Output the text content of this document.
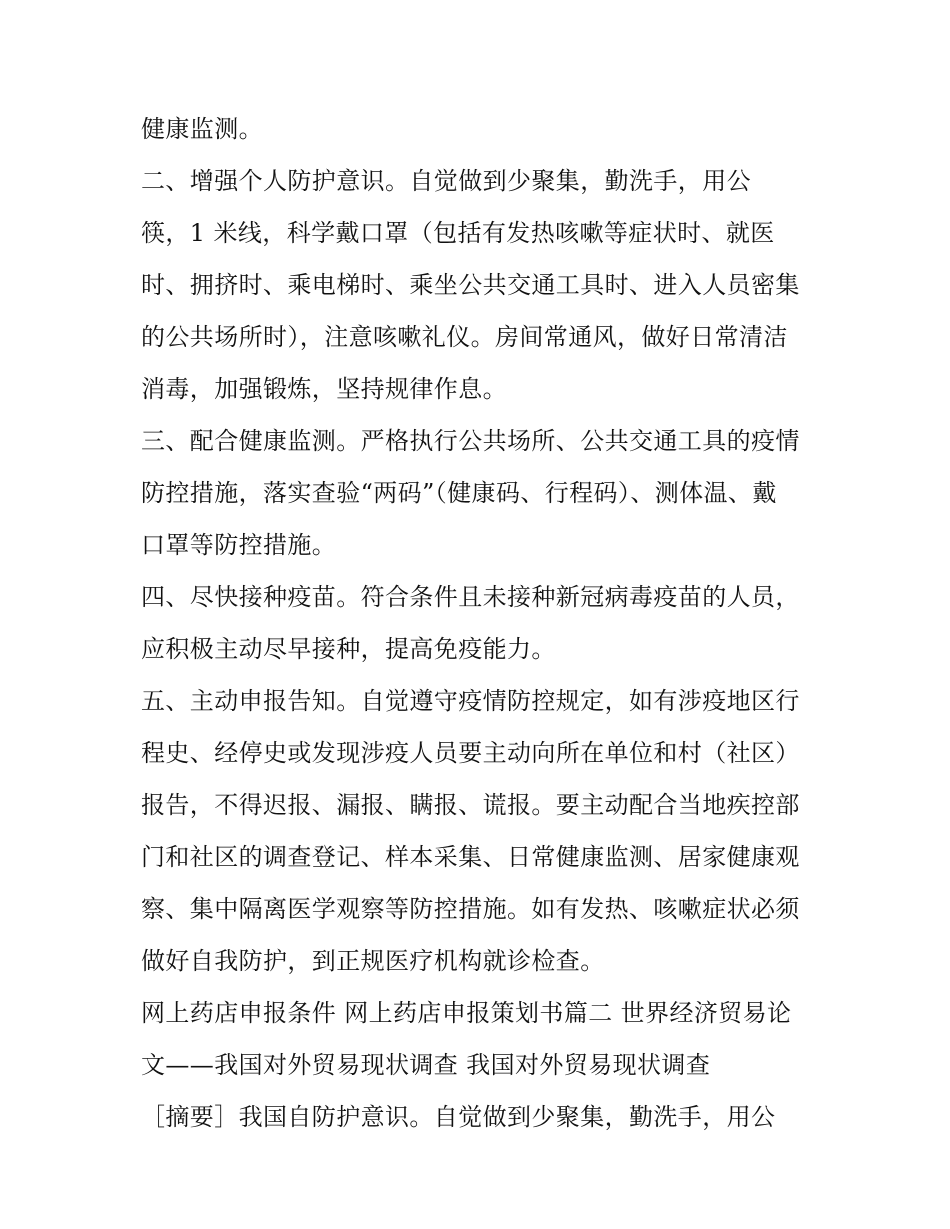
健康监测。
二、增强个人防护意识。自觉做到少聚集，勤洗手，用公
筷，1 米线，科学戴口罩（包括有发热咳嗽等症状时、就医
时、拥挤时、乘电梯时、乘坐公共交通工具时、进入人员密集
的公共场所时），注意咳嗽礼仪。房间常通风，做好日常清洁
消毒，加强锻炼，坚持规律作息。
三、配合健康监测。严格执行公共场所、公共交通工具的疫情
防控措施，落实查验“两码”（健康码、行程码）、测体温、戴
口罩等防控措施。
四、尽快接种疫苗。符合条件且未接种新冠病毒疫苗的人员，
应积极主动尽早接种，提高免疫能力。
五、主动申报告知。自觉遵守疫情防控规定，如有涉疫地区行
程史、经停史或发现涉疫人员要主动向所在单位和村（社区）
报告，不得迟报、漏报、瞒报、谎报。要主动配合当地疾控部
门和社区的调查登记、样本采集、日常健康监测、居家健康观
察、集中隔离医学观察等防控措施。如有发热、咳嗽症状必须
做好自我防护，到正规医疗机构就诊检查。
网上药店申报条件 网上药店申报策划书篇二 世界经济贸易论
文——我国对外贸易现状调查 我国对外贸易现状调查
［摘要］我国自防护意识。自觉做到少聚集，勤洗手，用公
